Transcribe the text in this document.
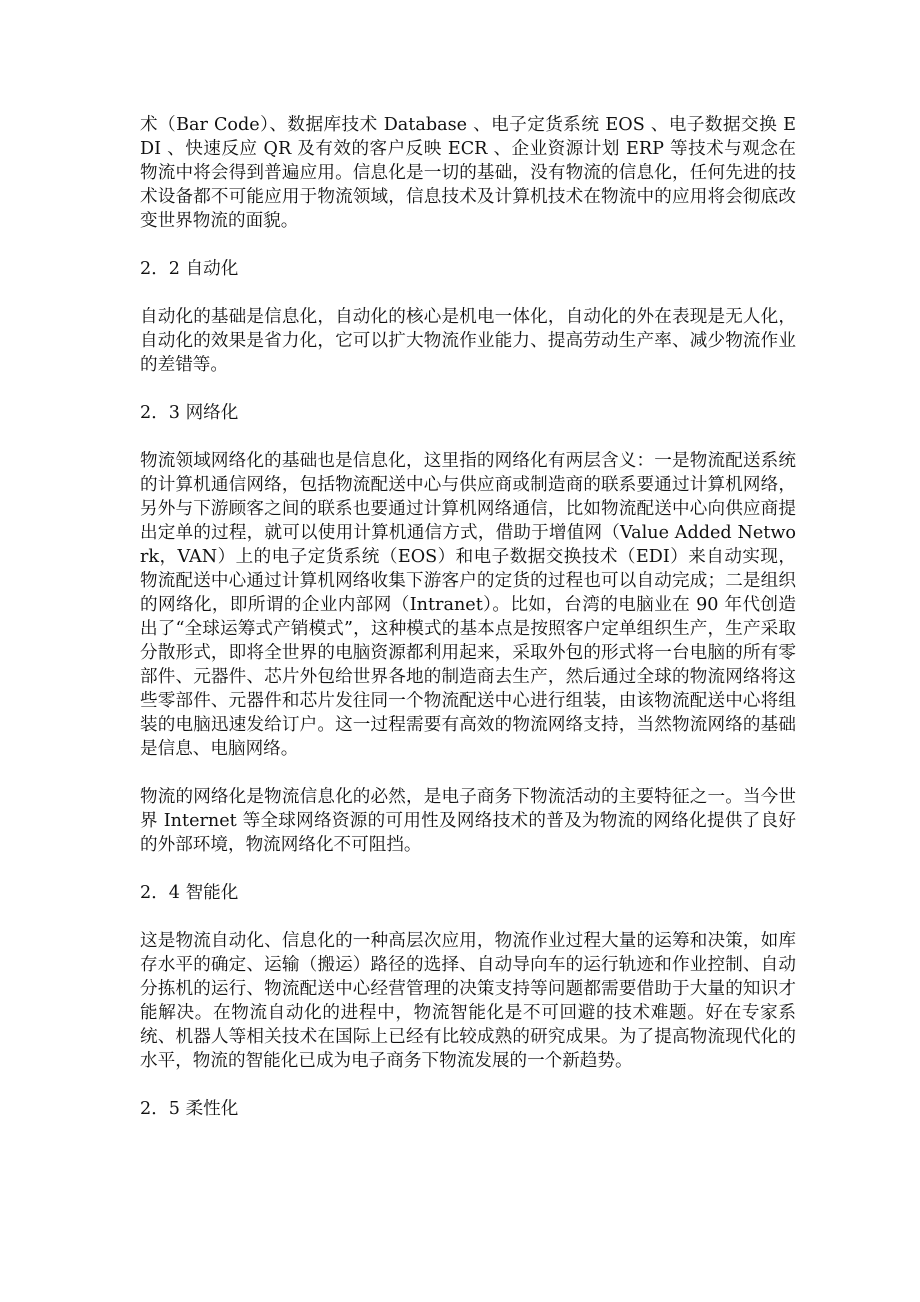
术（Bar Code）、数据库技术 Database 、电子定货系统 EOS 、电子数据交换 EDI 、快速反应 QR 及有效的客户反映 ECR 、企业资源计划 ERP 等技术与观念在物流中将会得到普遍应用。信息化是一切的基础，没有物流的信息化，任何先进的技术设备都不可能应用于物流领域，信息技术及计算机技术在物流中的应用将会彻底改变世界物流的面貌。

2．2 自动化

自动化的基础是信息化，自动化的核心是机电一体化，自动化的外在表现是无人化，自动化的效果是省力化，它可以扩大物流作业能力、提高劳动生产率、减少物流作业的差错等。

2．3 网络化

物流领域网络化的基础也是信息化，这里指的网络化有两层含义：一是物流配送系统的计算机通信网络，包括物流配送中心与供应商或制造商的联系要通过计算机网络，另外与下游顾客之间的联系也要通过计算机网络通信，比如物流配送中心向供应商提出定单的过程，就可以使用计算机通信方式，借助于增值网（Value Added Network，VAN）上的电子定货系统（EOS）和电子数据交换技术（EDI）来自动实现，物流配送中心通过计算机网络收集下游客户的定货的过程也可以自动完成；二是组织的网络化，即所谓的企业内部网（Intranet）。比如，台湾的电脑业在 90 年代创造出了“全球运筹式产销模式”，这种模式的基本点是按照客户定单组织生产，生产采取分散形式，即将全世界的电脑资源都利用起来，采取外包的形式将一台电脑的所有零部件、元器件、芯片外包给世界各地的制造商去生产，然后通过全球的物流网络将这些零部件、元器件和芯片发往同一个物流配送中心进行组装，由该物流配送中心将组装的电脑迅速发给订户。这一过程需要有高效的物流网络支持，当然物流网络的基础是信息、电脑网络。

物流的网络化是物流信息化的必然，是电子商务下物流活动的主要特征之一。当今世界 Internet 等全球网络资源的可用性及网络技术的普及为物流的网络化提供了良好的外部环境，物流网络化不可阻挡。

2．4 智能化

这是物流自动化、信息化的一种高层次应用，物流作业过程大量的运筹和决策，如库存水平的确定、运输（搬运）路径的选择、自动导向车的运行轨迹和作业控制、自动分拣机的运行、物流配送中心经营管理的决策支持等问题都需要借助于大量的知识才能解决。在物流自动化的进程中，物流智能化是不可回避的技术难题。好在专家系统、机器人等相关技术在国际上已经有比较成熟的研究成果。为了提高物流现代化的水平，物流的智能化已成为电子商务下物流发展的一个新趋势。

2．5 柔性化
